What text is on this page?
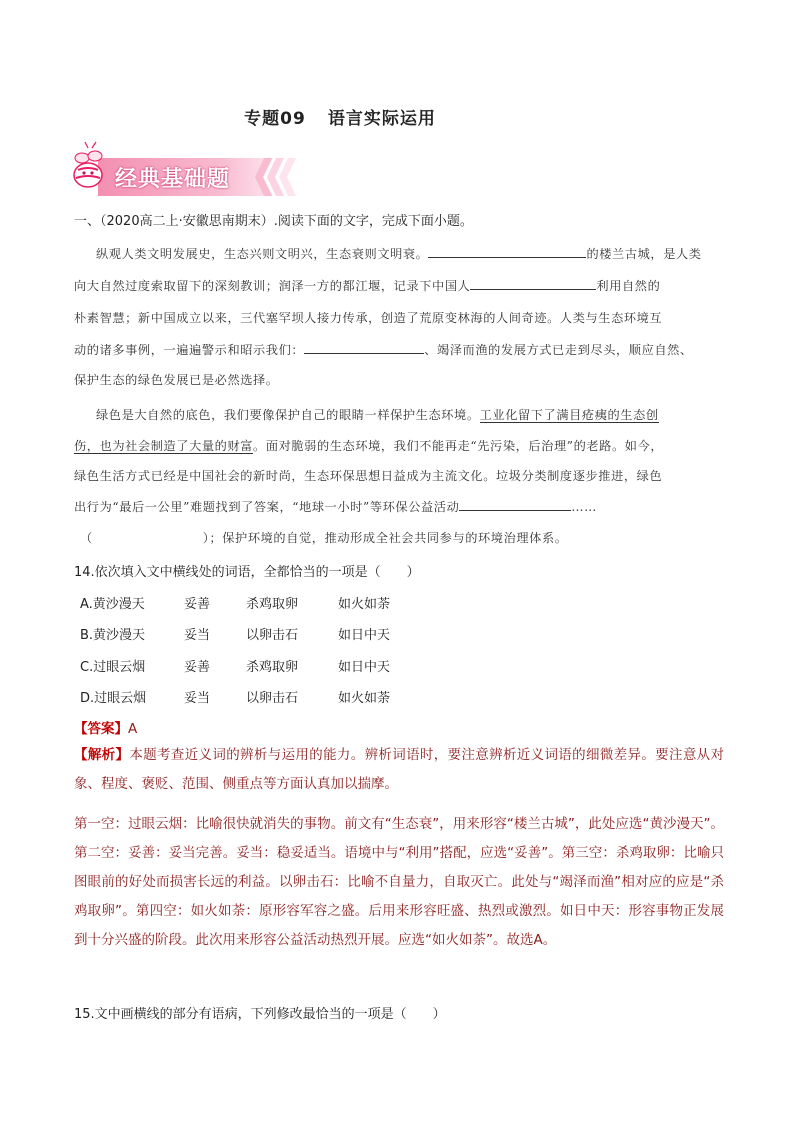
专题09 语言实际运用
经典基础题
一、（2020高二上·安徽思南期末）.阅读下面的文字，完成下面小题。
纵观人类文明发展史，生态兴则文明兴，生态衰则文明衰。	的楼兰古城，是人类
向大自然过度索取留下的深刻教训；润泽一方的都江堰，记录下中国人	利用自然的
朴素智慧；新中国成立以来，三代塞罕坝人接力传承，创造了荒原变林海的人间奇迹。人类与生态环境互
动的诸多事例，一遍遍警示和昭示我们：	、竭泽而渔的发展方式已走到尽头，顺应自然、
保护生态的绿色发展已是必然选择。
绿色是大自然的底色，我们要像保护自己的眼睛一样保护生态环境。工业化留下了满目疮痍的生态创
伤，也为社会制造了大量的财富。面对脆弱的生态环境，我们不能再走“先污染，后治理”的老路。如今，
绿色生活方式已经是中国社会的新时尚，生态环保思想日益成为主流文化。垃圾分类制度逐步推进，绿色
出行为“最后一公里”难题找到了答案，“地球一小时”等环保公益活动	……
（	）；保护环境的自觉，推动形成全社会共同参与的环境治理体系。
14.依次填入文中横线处的词语，全都恰当的一项是（　　）
A.黄沙漫天	妥善	杀鸡取卵	如火如荼
B.黄沙漫天	妥当	以卵击石	如日中天
C.过眼云烟	妥善	杀鸡取卵	如日中天
D.过眼云烟	妥当	以卵击石	如火如荼
【答案】A
【解析】本题考查近义词的辨析与运用的能力。辨析词语时，要注意辨析近义词语的细微差异。要注意从对象、程度、褒贬、范围、侧重点等方面认真加以揣摩。
第一空：过眼云烟：比喻很快就消失的事物。前文有“生态衰”，用来形容“楼兰古城”，此处应选“黄沙漫天”。第二空：妥善：妥当完善。妥当：稳妥适当。语境中与“利用”搭配，应选“妥善”。第三空：杀鸡取卵：比喻只图眼前的好处而损害长远的利益。以卵击石：比喻不自量力，自取灭亡。此处与“竭泽而渔”相对应的应是“杀鸡取卵”。第四空：如火如荼：原形容军容之盛。后用来形容旺盛、热烈或激烈。如日中天：形容事物正发展到十分兴盛的阶段。此次用来形容公益活动热烈开展。应选“如火如荼”。故选A。
15.文中画横线的部分有语病，下列修改最恰当的一项是（　　）
